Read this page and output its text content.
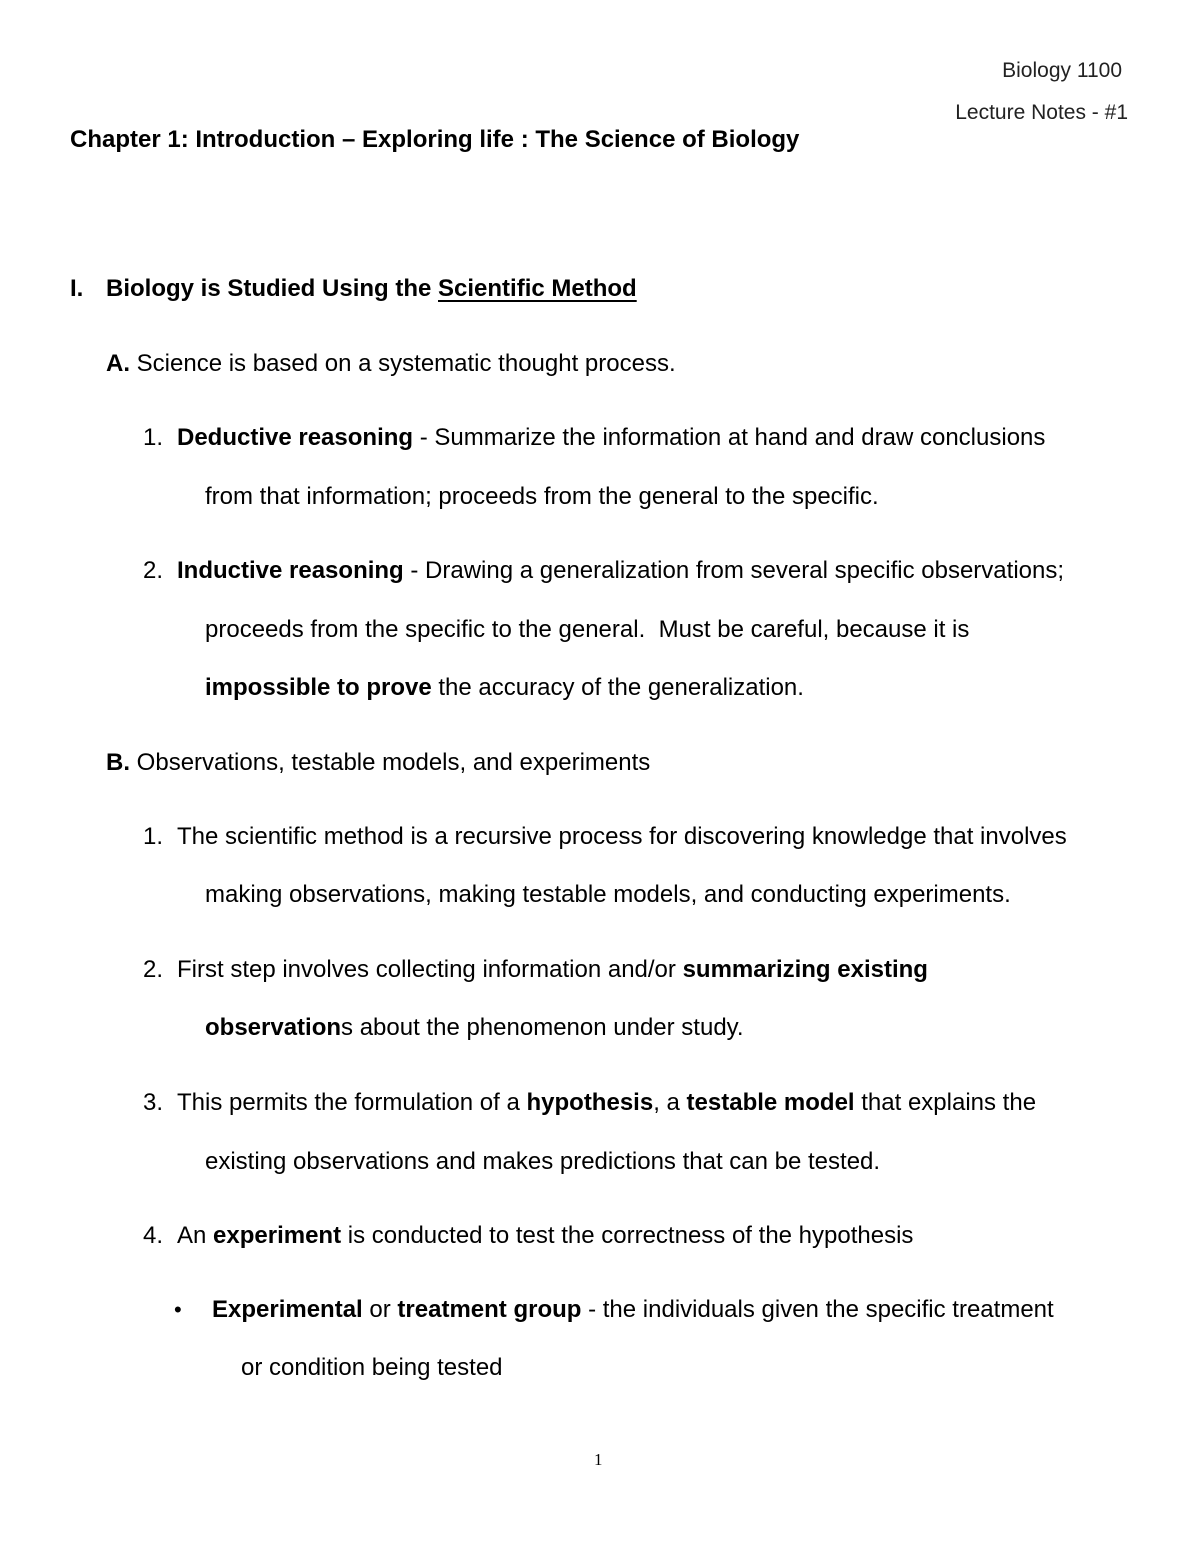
Biology 1100
Lecture Notes - #1
Chapter 1: Introduction – Exploring life : The Science of Biology
I. Biology is Studied Using the Scientific Method
A. Science is based on a systematic thought process.
1. Deductive reasoning - Summarize the information at hand and draw conclusions
from that information; proceeds from the general to the specific.
2. Inductive reasoning - Drawing a generalization from several specific observations;
proceeds from the specific to the general.  Must be careful, because it is
impossible to prove the accuracy of the generalization.
B. Observations, testable models, and experiments
1. The scientific method is a recursive process for discovering knowledge that involves
making observations, making testable models, and conducting experiments.
2. First step involves collecting information and/or summarizing existing
observations about the phenomenon under study.
3. This permits the formulation of a hypothesis, a testable model that explains the
existing observations and makes predictions that can be tested.
4. An experiment is conducted to test the correctness of the hypothesis
• Experimental or treatment group - the individuals given the specific treatment
or condition being tested
1
